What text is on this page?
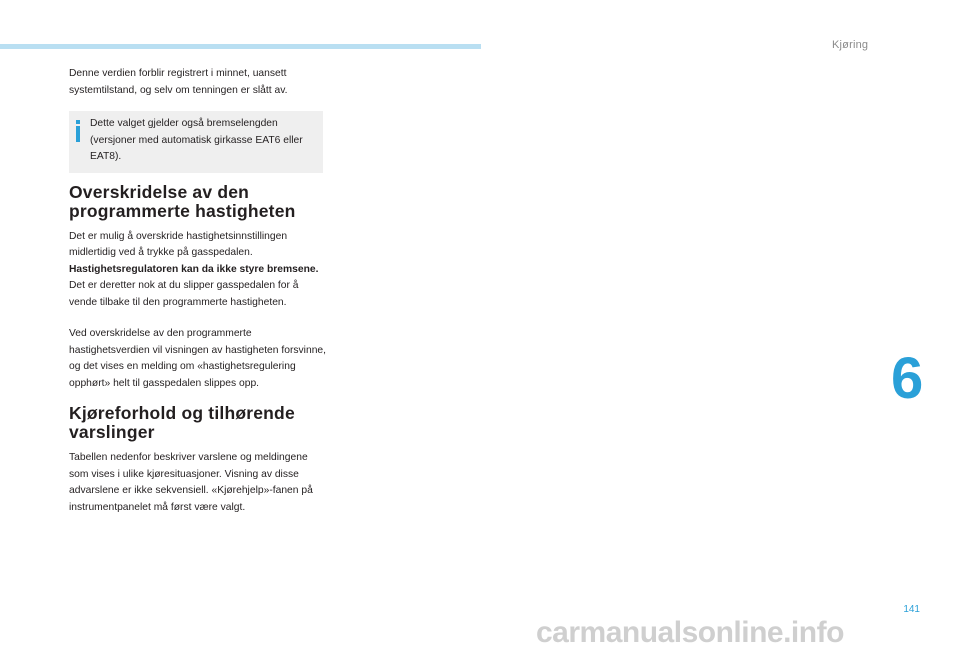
Kjøring
6
141
carmanualsonline.info

Denne verdien forblir registrert i minnet, uansett systemtilstand, og selv om tenningen er slått av.

Dette valget gjelder også bremselengden (versjoner med automatisk girkasse EAT6 eller EAT8).

Overskridelse av den programmerte hastigheten

Det er mulig å overskride hastighetsinnstillingen midlertidig ved å trykke på gasspedalen.
Hastighetsregulatoren kan da ikke styre bremsene.
Det er deretter nok at du slipper gasspedalen for å vende tilbake til den programmerte hastigheten.

Ved overskridelse av den programmerte hastighetsverdien vil visningen av hastigheten forsvinne, og det vises en melding om «hastighetsregulering opphørt» helt til gasspedalen slippes opp.

Kjøreforhold og tilhørende varslinger

Tabellen nedenfor beskriver varslene og meldingene som vises i ulike kjøresituasjoner. Visning av disse advarslene er ikke sekvensiell. «Kjørehjelp»-fanen på instrumentpanelet må først være valgt.
